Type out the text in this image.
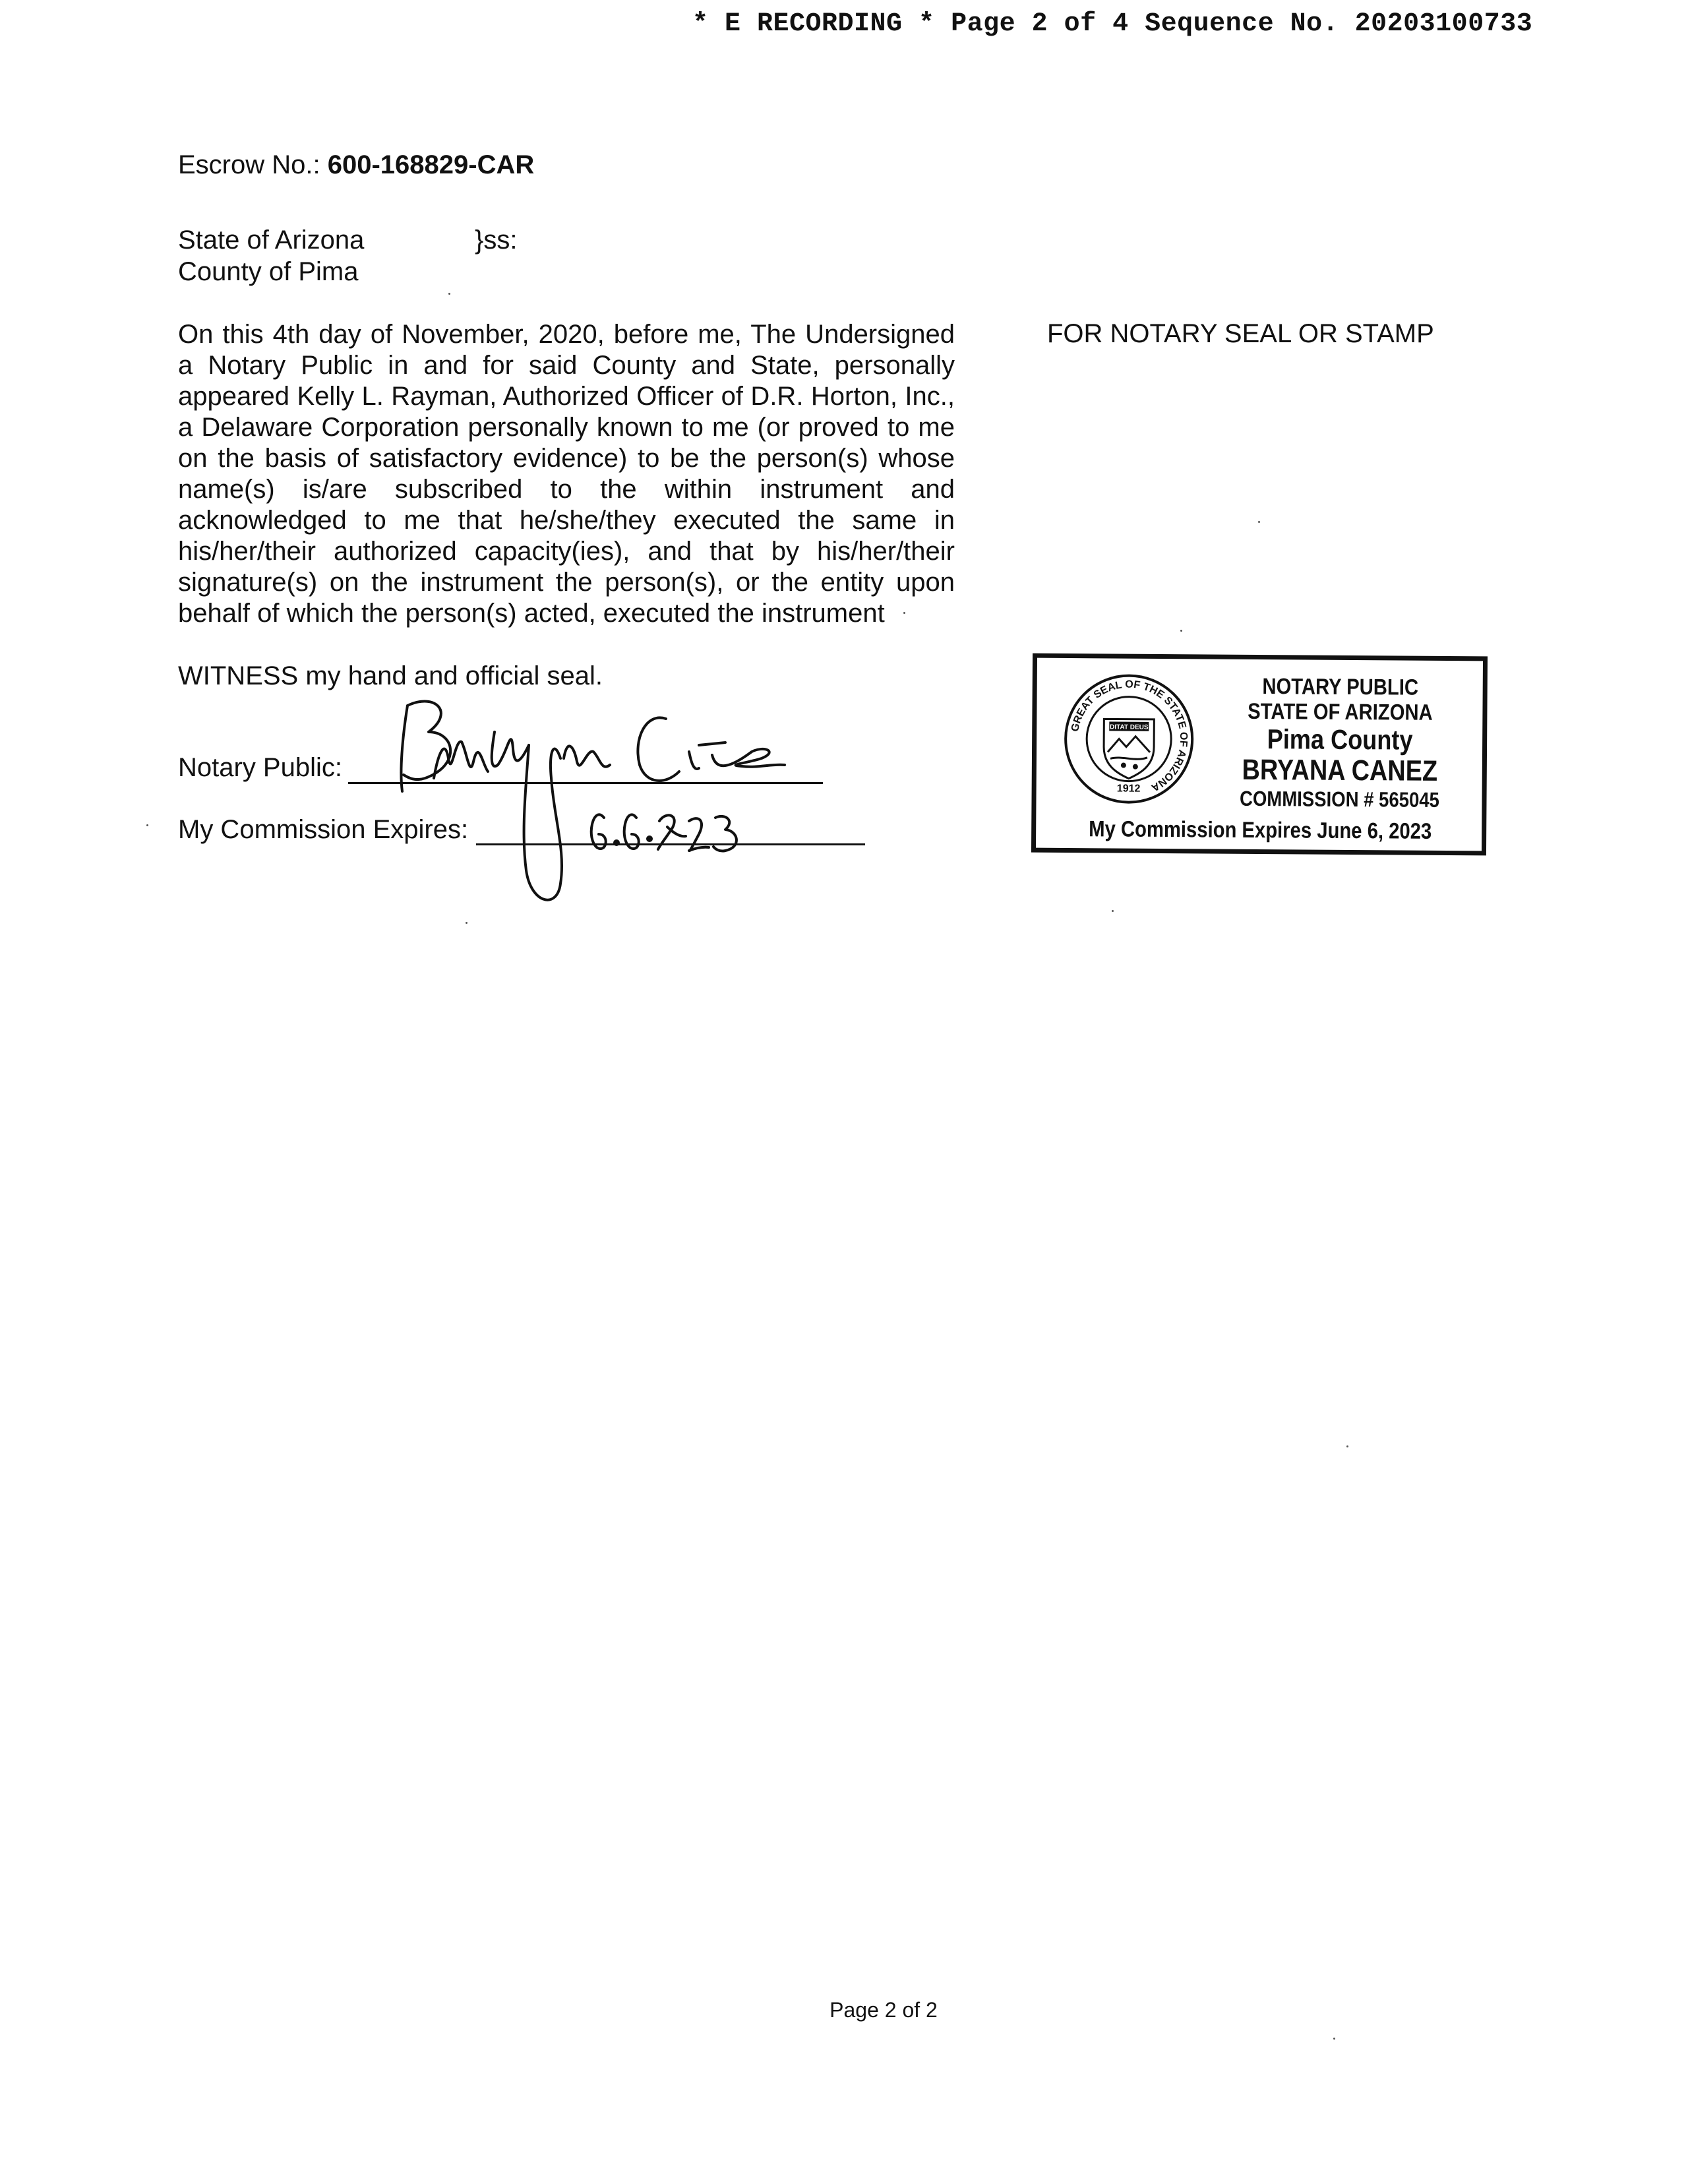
* E RECORDING * Page 2 of 4 Sequence No. 20203100733
Escrow No.: 600-168829-CAR
State of Arizona	}ss:
County of Pima
On this 4th day of November, 2020, before me, The Undersigned a Notary Public in and for said County and State, personally appeared Kelly L. Rayman, Authorized Officer of D.R. Horton, Inc., a Delaware Corporation personally known to me (or proved to me on the basis of satisfactory evidence) to be the person(s) whose name(s) is/are subscribed to the within instrument and acknowledged to me that he/she/they executed the same in his/her/their authorized capacity(ies), and that by his/her/their signature(s) on the instrument the person(s), or the entity upon behalf of which the person(s) acted, executed the instrument
FOR NOTARY SEAL OR STAMP
WITNESS my hand and official seal.
Notary Public:
My Commission Expires:
GREAT SEAL OF THE STATE OF ARIZONA
DITAT DEUS
1912
NOTARY PUBLIC
STATE OF ARIZONA
Pima County
BRYANA CANEZ
COMMISSION # 565045
My Commission Expires June 6, 2023
Page 2 of 2
